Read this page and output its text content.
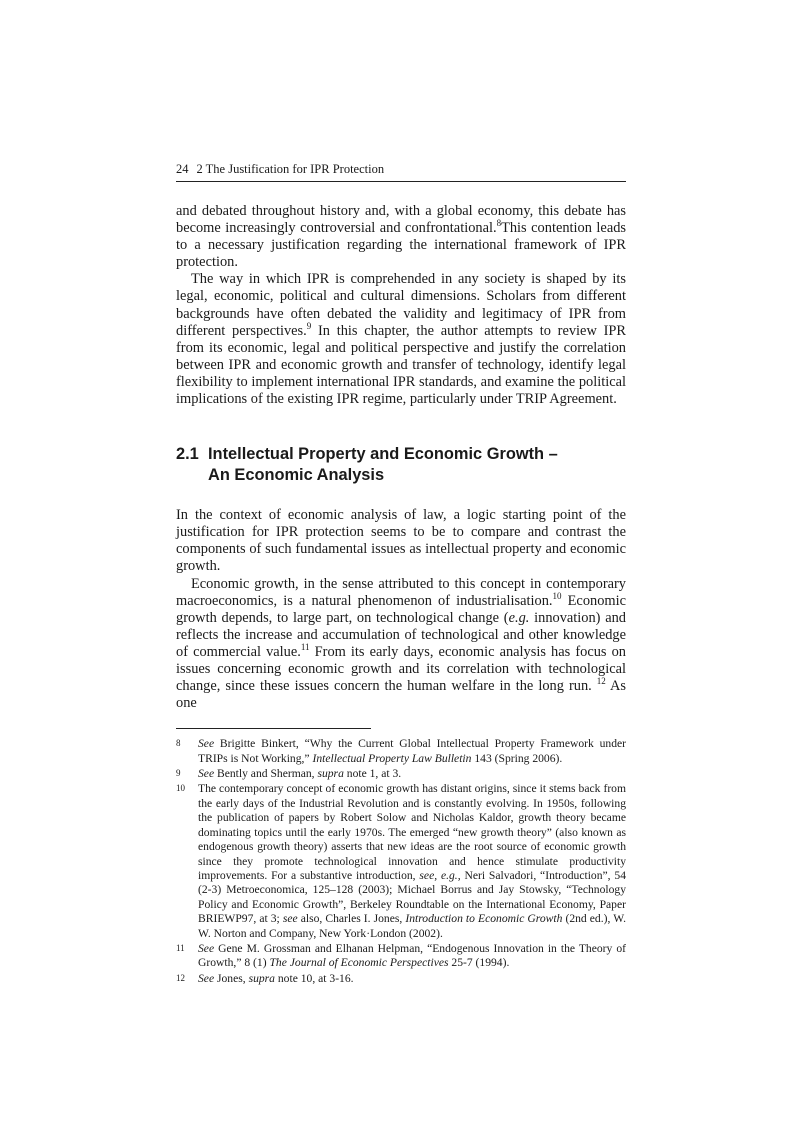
24 2 The Justification for IPR Protection

and debated throughout history and, with a global economy, this debate has become increasingly controversial and confrontational.$^8$This contention leads to a necessary justification regarding the international framework of IPR protection.

The way in which IPR is comprehended in any society is shaped by its legal, economic, political and cultural dimensions. Scholars from different backgrounds have often debated the validity and legitimacy of IPR from different perspectives.$^9$ In this chapter, the author attempts to review IPR from its economic, legal and political perspective and justify the correlation between IPR and economic growth and transfer of technology, identify legal flexibility to implement international IPR standards, and examine the political implications of the existing IPR regime, particularly under TRIP Agreement.

2.1 Intellectual Property and Economic Growth –
An Economic Analysis

In the context of economic analysis of law, a logic starting point of the justification for IPR protection seems to be to compare and contrast the components of such fundamental issues as intellectual property and economic growth.

Economic growth, in the sense attributed to this concept in contemporary macroeconomics, is a natural phenomenon of industrialisation.$^{10}$ Economic growth depends, to large part, on technological change (e.g. innovation) and reflects the increase and accumulation of technological and other knowledge of commercial value.$^{11}$ From its early days, economic analysis has focus on issues concerning economic growth and its correlation with technological change, since these issues concern the human welfare in the long run. $^{12}$ As one

8 See Brigitte Binkert, “Why the Current Global Intellectual Property Framework under TRIPs is Not Working,” Intellectual Property Law Bulletin 143 (Spring 2006).
9 See Bently and Sherman, supra note 1, at 3.
10 The contemporary concept of economic growth has distant origins, since it stems back from the early days of the Industrial Revolution and is constantly evolving. In 1950s, following the publication of papers by Robert Solow and Nicholas Kaldor, growth theory became dominating topics until the early 1970s. The emerged “new growth theory” (also known as endogenous growth theory) asserts that new ideas are the root source of economic growth since they promote technological innovation and hence stimulate productivity improvements. For a substantive introduction, see, e.g., Neri Salvadori, “Introduction”, 54 (2-3) Metroeconomica, 125–128 (2003); Michael Borrus and Jay Stowsky, “Technology Policy and Economic Growth”, Berkeley Roundtable on the International Economy, Paper BRIEWP97, at 3; see also, Charles I. Jones, Introduction to Economic Growth (2nd ed.), W. W. Norton and Company, New York·London (2002).
11 See Gene M. Grossman and Elhanan Helpman, “Endogenous Innovation in the Theory of Growth,” 8 (1) The Journal of Economic Perspectives 25-7 (1994).
12 See Jones, supra note 10, at 3-16.
